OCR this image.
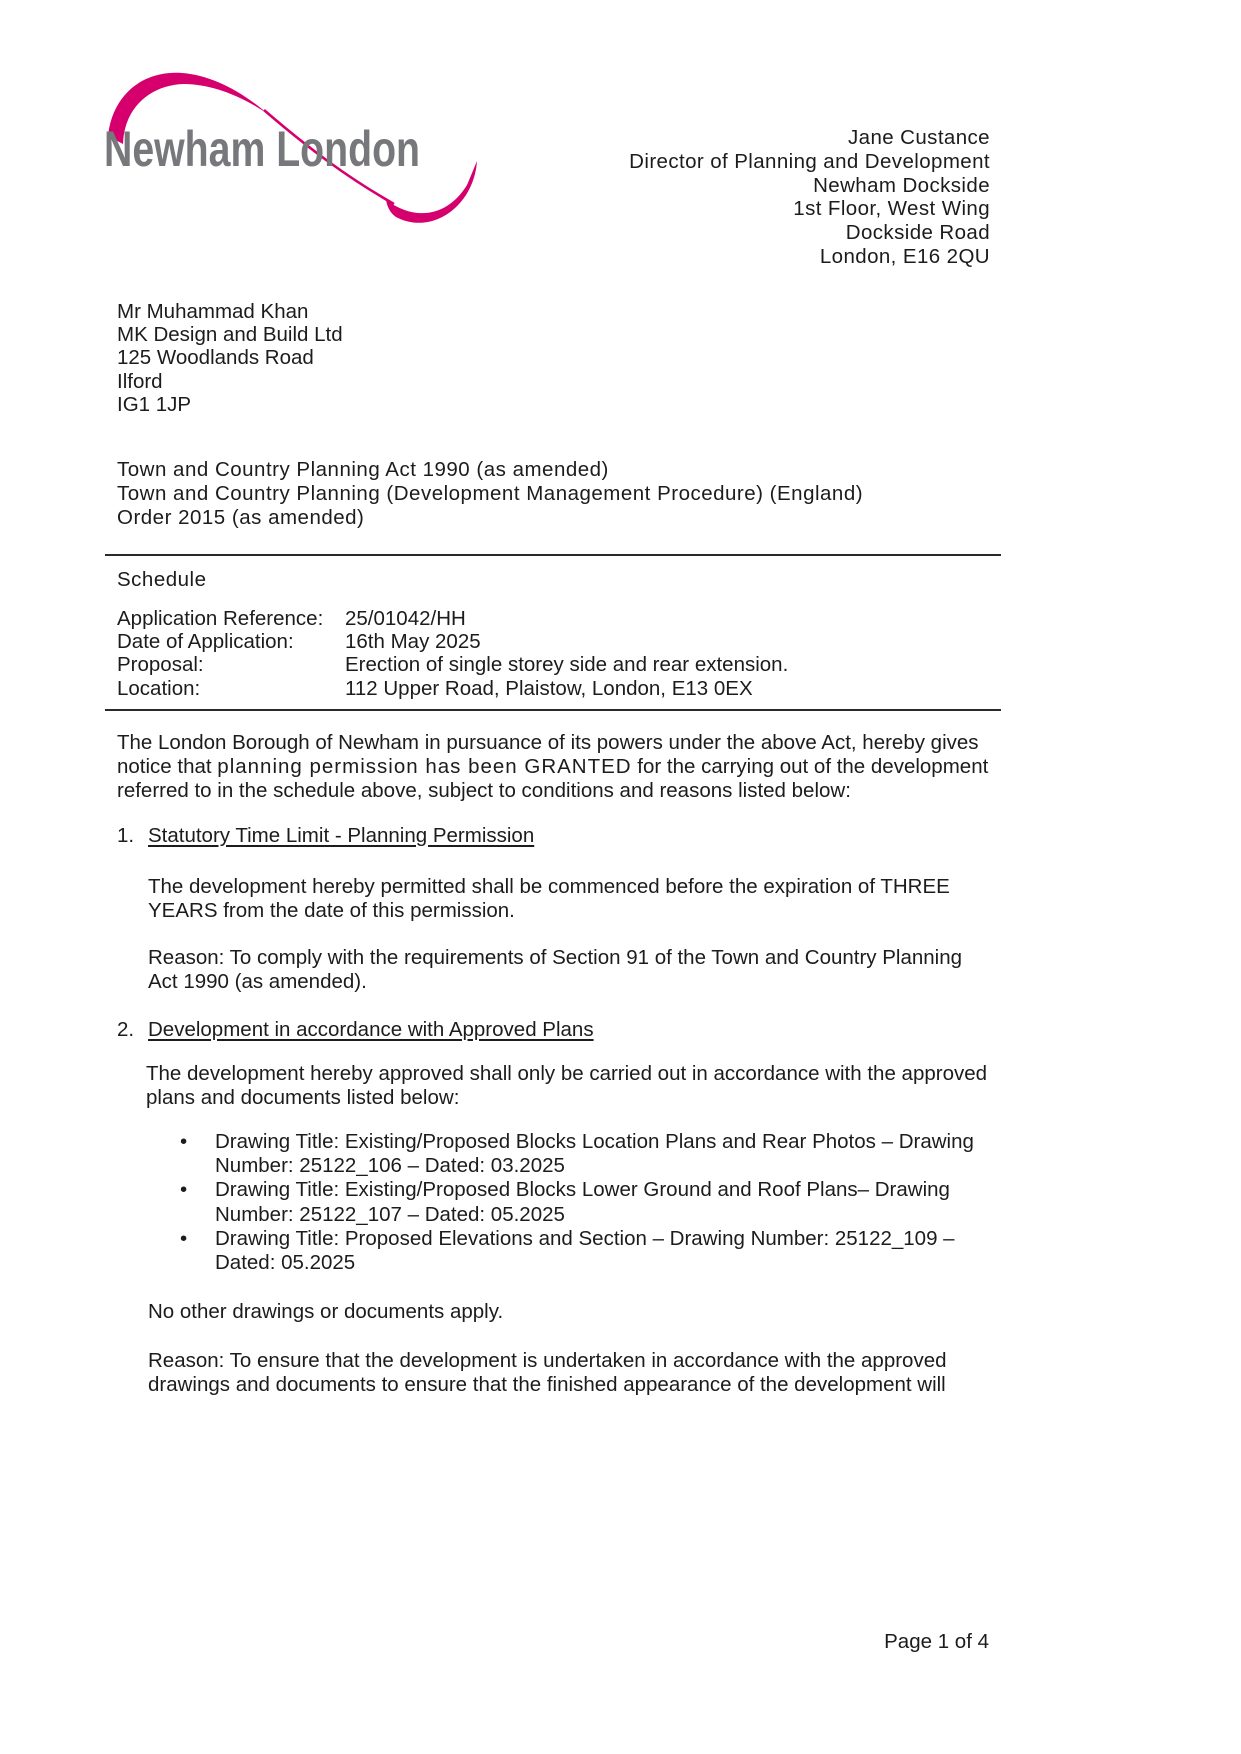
Newham London	Jane Custance
Director of Planning and Development
Newham Dockside
1st Floor, West Wing
Dockside Road
London, E16 2QU
Mr Muhammad Khan
MK Design and Build Ltd
125 Woodlands Road
Ilford
IG1 1JP
Town and Country Planning Act 1990 (as amended)
Town and Country Planning (Development Management Procedure) (England)
Order 2015 (as amended)
Schedule
Application Reference:	25/01042/HH
Date of Application:	16th May 2025
Proposal:	Erection of single storey side and rear extension.
Location:	112 Upper Road, Plaistow, London, E13 0EX

The London Borough of Newham in pursuance of its powers under the above Act, hereby gives notice that planning permission has been GRANTED for the carrying out of the development referred to in the schedule above, subject to conditions and reasons listed below:

1. Statutory Time Limit - Planning Permission

The development hereby permitted shall be commenced before the expiration of THREE YEARS from the date of this permission.

Reason: To comply with the requirements of Section 91 of the Town and Country Planning Act 1990 (as amended).

2. Development in accordance with Approved Plans

The development hereby approved shall only be carried out in accordance with the approved plans and documents listed below:

• Drawing Title: Existing/Proposed Blocks Location Plans and Rear Photos – Drawing Number: 25122_106 – Dated: 03.2025
• Drawing Title: Existing/Proposed Blocks Lower Ground and Roof Plans– Drawing Number: 25122_107 – Dated: 05.2025
• Drawing Title: Proposed Elevations and Section – Drawing Number: 25122_109 – Dated: 05.2025

No other drawings or documents apply.

Reason: To ensure that the development is undertaken in accordance with the approved drawings and documents to ensure that the finished appearance of the development will

Page 1 of 4
